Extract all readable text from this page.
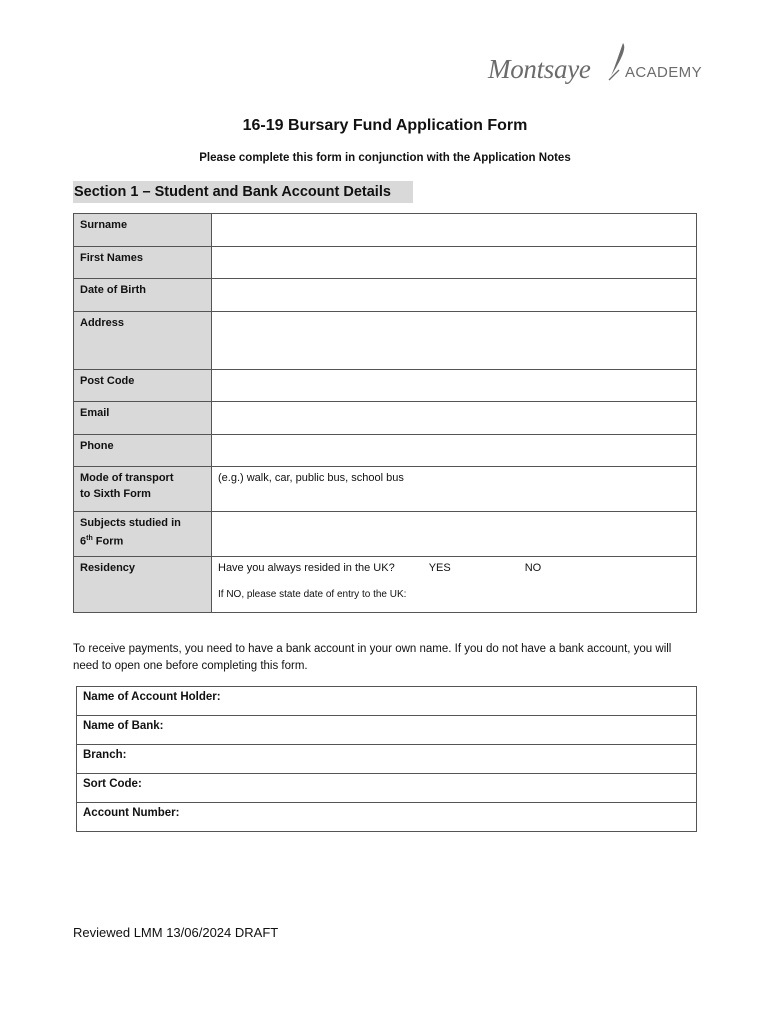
Montsaye ACADEMY
16-19 Bursary Fund Application Form
Please complete this form in conjunction with the Application Notes
Section 1 – Student and Bank Account Details
Surname	
First Names	
Date of Birth	
Address	
Post Code	
Email	
Phone	
Mode of transport
to Sixth Form	(e.g.) walk, car, public bus, school bus
Subjects studied in
6th Form	
Residency	Have you always resided in the UK? YES NO
If NO, please state date of entry to the UK:
To receive payments, you need to have a bank account in your own name. If you do not have a bank account, you will need to open one before completing this form.
Name of Account Holder:
Name of Bank:
Branch:
Sort Code:
Account Number:
Reviewed LMM 13/06/2024 DRAFT
